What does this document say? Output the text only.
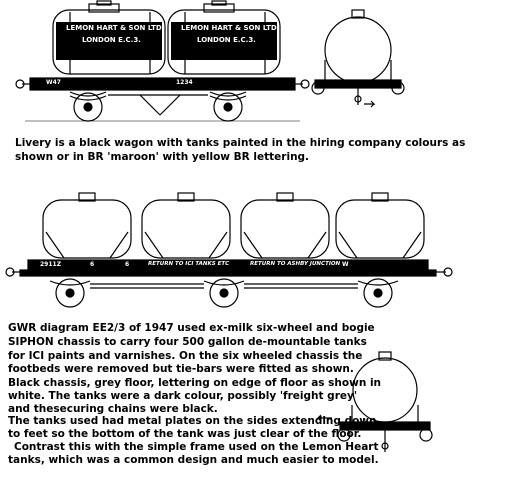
LEMON HART & SON LTD
LONDON E.C.3.
LEMON HART & SON LTD
LONDON E.C.3.
W47	1234
2911Z	6	6	RETURN TO ICI TANKS ETC	RETURN TO ASHBY JUNCTION W
Livery is a black wagon with tanks painted in the hiring company colours as
shown or in BR 'maroon' with yellow BR lettering.
GWR diagram EE2/3 of 1947 used ex-milk six-wheel and bogie
SIPHON chassis to carry four 500 gallon de-mountable tanks
for ICI paints and varnishes. On the six wheeled chassis the
footbeds were removed but tie-bars were fitted as shown.
Black chassis, grey floor, lettering on edge of floor as shown in
white. The tanks were a dark colour, possibly 'freight grey'
and thesecuring chains were black.
The tanks used had metal plates on the sides extending down
to feet so the bottom of the tank was just clear of the floor.
Contrast this with the simple frame used on the Lemon Heart
tanks, which was a common design and much easier to model.
